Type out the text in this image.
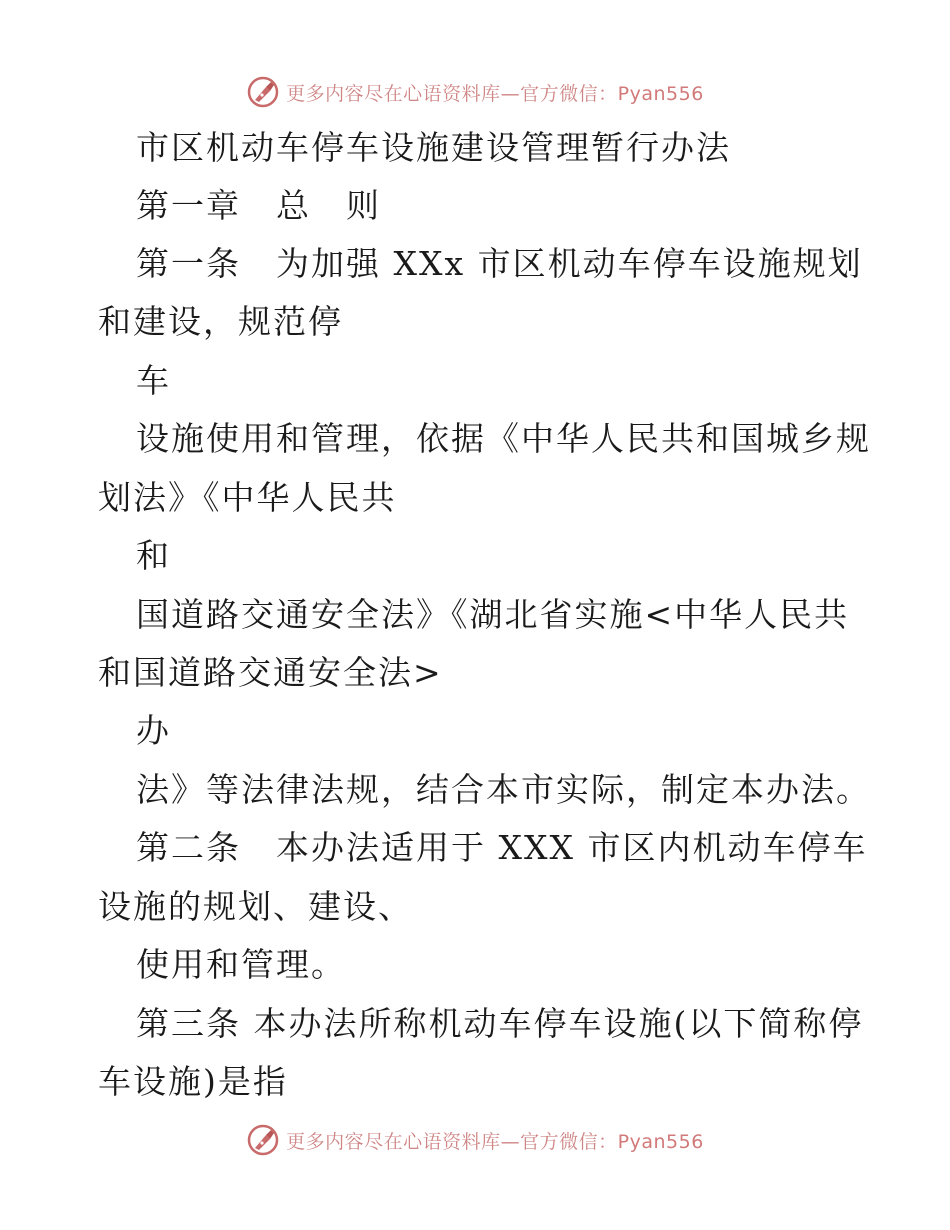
更多内容尽在心语资料库—官方微信：Pyan556
市区机动车停车设施建设管理暂行办法
第一章　总　则
第一条　为加强 XXx 市区机动车停车设施规划
和建设，规范停
车
设施使用和管理，依据《中华人民共和国城乡规
划法》《中华人民共
和
国道路交通安全法》《湖北省实施<中华人民共
和国道路交通安全法>
办
法》等法律法规，结合本市实际，制定本办法。
第二条　本办法适用于 XXX 市区内机动车停车
设施的规划、建设、
使用和管理。
第三条 本办法所称机动车停车设施(以下简称停
车设施)是指
更多内容尽在心语资料库—官方微信：Pyan556
